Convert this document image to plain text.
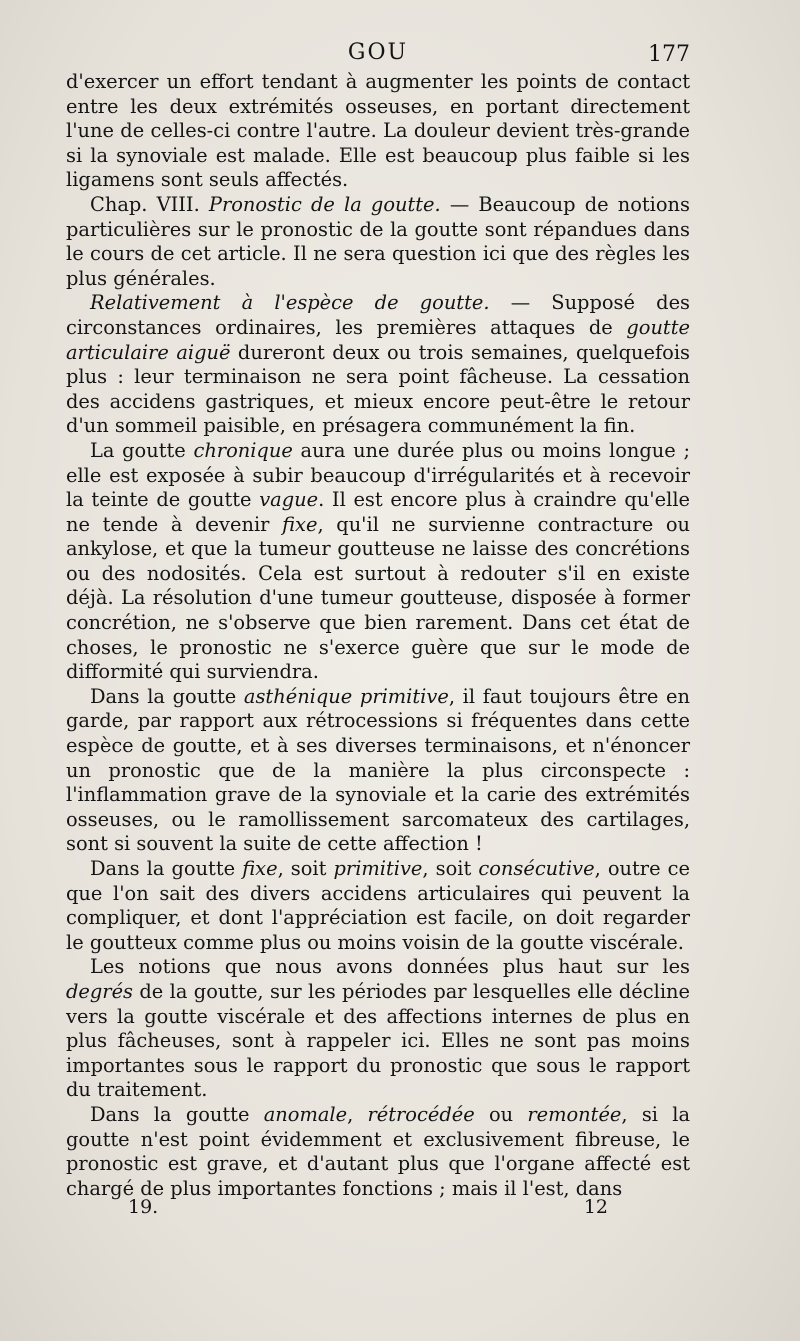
GOU	177

d'exercer un effort tendant à augmenter les points de contact entre les deux extrémités osseuses, en portant directement l'une de celles-ci contre l'autre. La douleur devient très-grande si la synoviale est malade. Elle est beaucoup plus faible si les ligamens sont seuls affectés.

Chap. VIII. Pronostic de la goutte. — Beaucoup de notions particulières sur le pronostic de la goutte sont répandues dans le cours de cet article. Il ne sera question ici que des règles les plus générales.

Relativement à l'espèce de goutte. — Supposé des circonstances ordinaires, les premières attaques de goutte articulaire aiguë dureront deux ou trois semaines, quelquefois plus : leur terminaison ne sera point fâcheuse. La cessation des accidens gastriques, et mieux encore peut-être le retour d'un sommeil paisible, en présagera communément la fin.

La goutte chronique aura une durée plus ou moins longue ; elle est exposée à subir beaucoup d'irrégularités et à recevoir la teinte de goutte vague. Il est encore plus à craindre qu'elle ne tende à devenir fixe, qu'il ne survienne contracture ou ankylose, et que la tumeur goutteuse ne laisse des concrétions ou des nodosités. Cela est surtout à redouter s'il en existe déjà. La résolution d'une tumeur goutteuse, disposée à former concrétion, ne s'observe que bien rarement. Dans cet état de choses, le pronostic ne s'exerce guère que sur le mode de difformité qui surviendra.

Dans la goutte asthénique primitive, il faut toujours être en garde, par rapport aux rétrocessions si fréquentes dans cette espèce de goutte, et à ses diverses terminaisons, et n'énoncer un pronostic que de la manière la plus circonspecte : l'inflammation grave de la synoviale et la carie des extrémités osseuses, ou le ramollissement sarcomateux des cartilages, sont si souvent la suite de cette affection !

Dans la goutte fixe, soit primitive, soit consécutive, outre ce que l'on sait des divers accidens articulaires qui peuvent la compliquer, et dont l'appréciation est facile, on doit regarder le goutteux comme plus ou moins voisin de la goutte viscérale.

Les notions que nous avons données plus haut sur les degrés de la goutte, sur les périodes par lesquelles elle décline vers la goutte viscérale et des affections internes de plus en plus fâcheuses, sont à rappeler ici. Elles ne sont pas moins importantes sous le rapport du pronostic que sous le rapport du traitement.

Dans la goutte anomale, rétrocédée ou remontée, si la goutte n'est point évidemment et exclusivement fibreuse, le pronostic est grave, et d'autant plus que l'organe affecté est chargé de plus importantes fonctions ; mais il l'est, dans

19.	12
